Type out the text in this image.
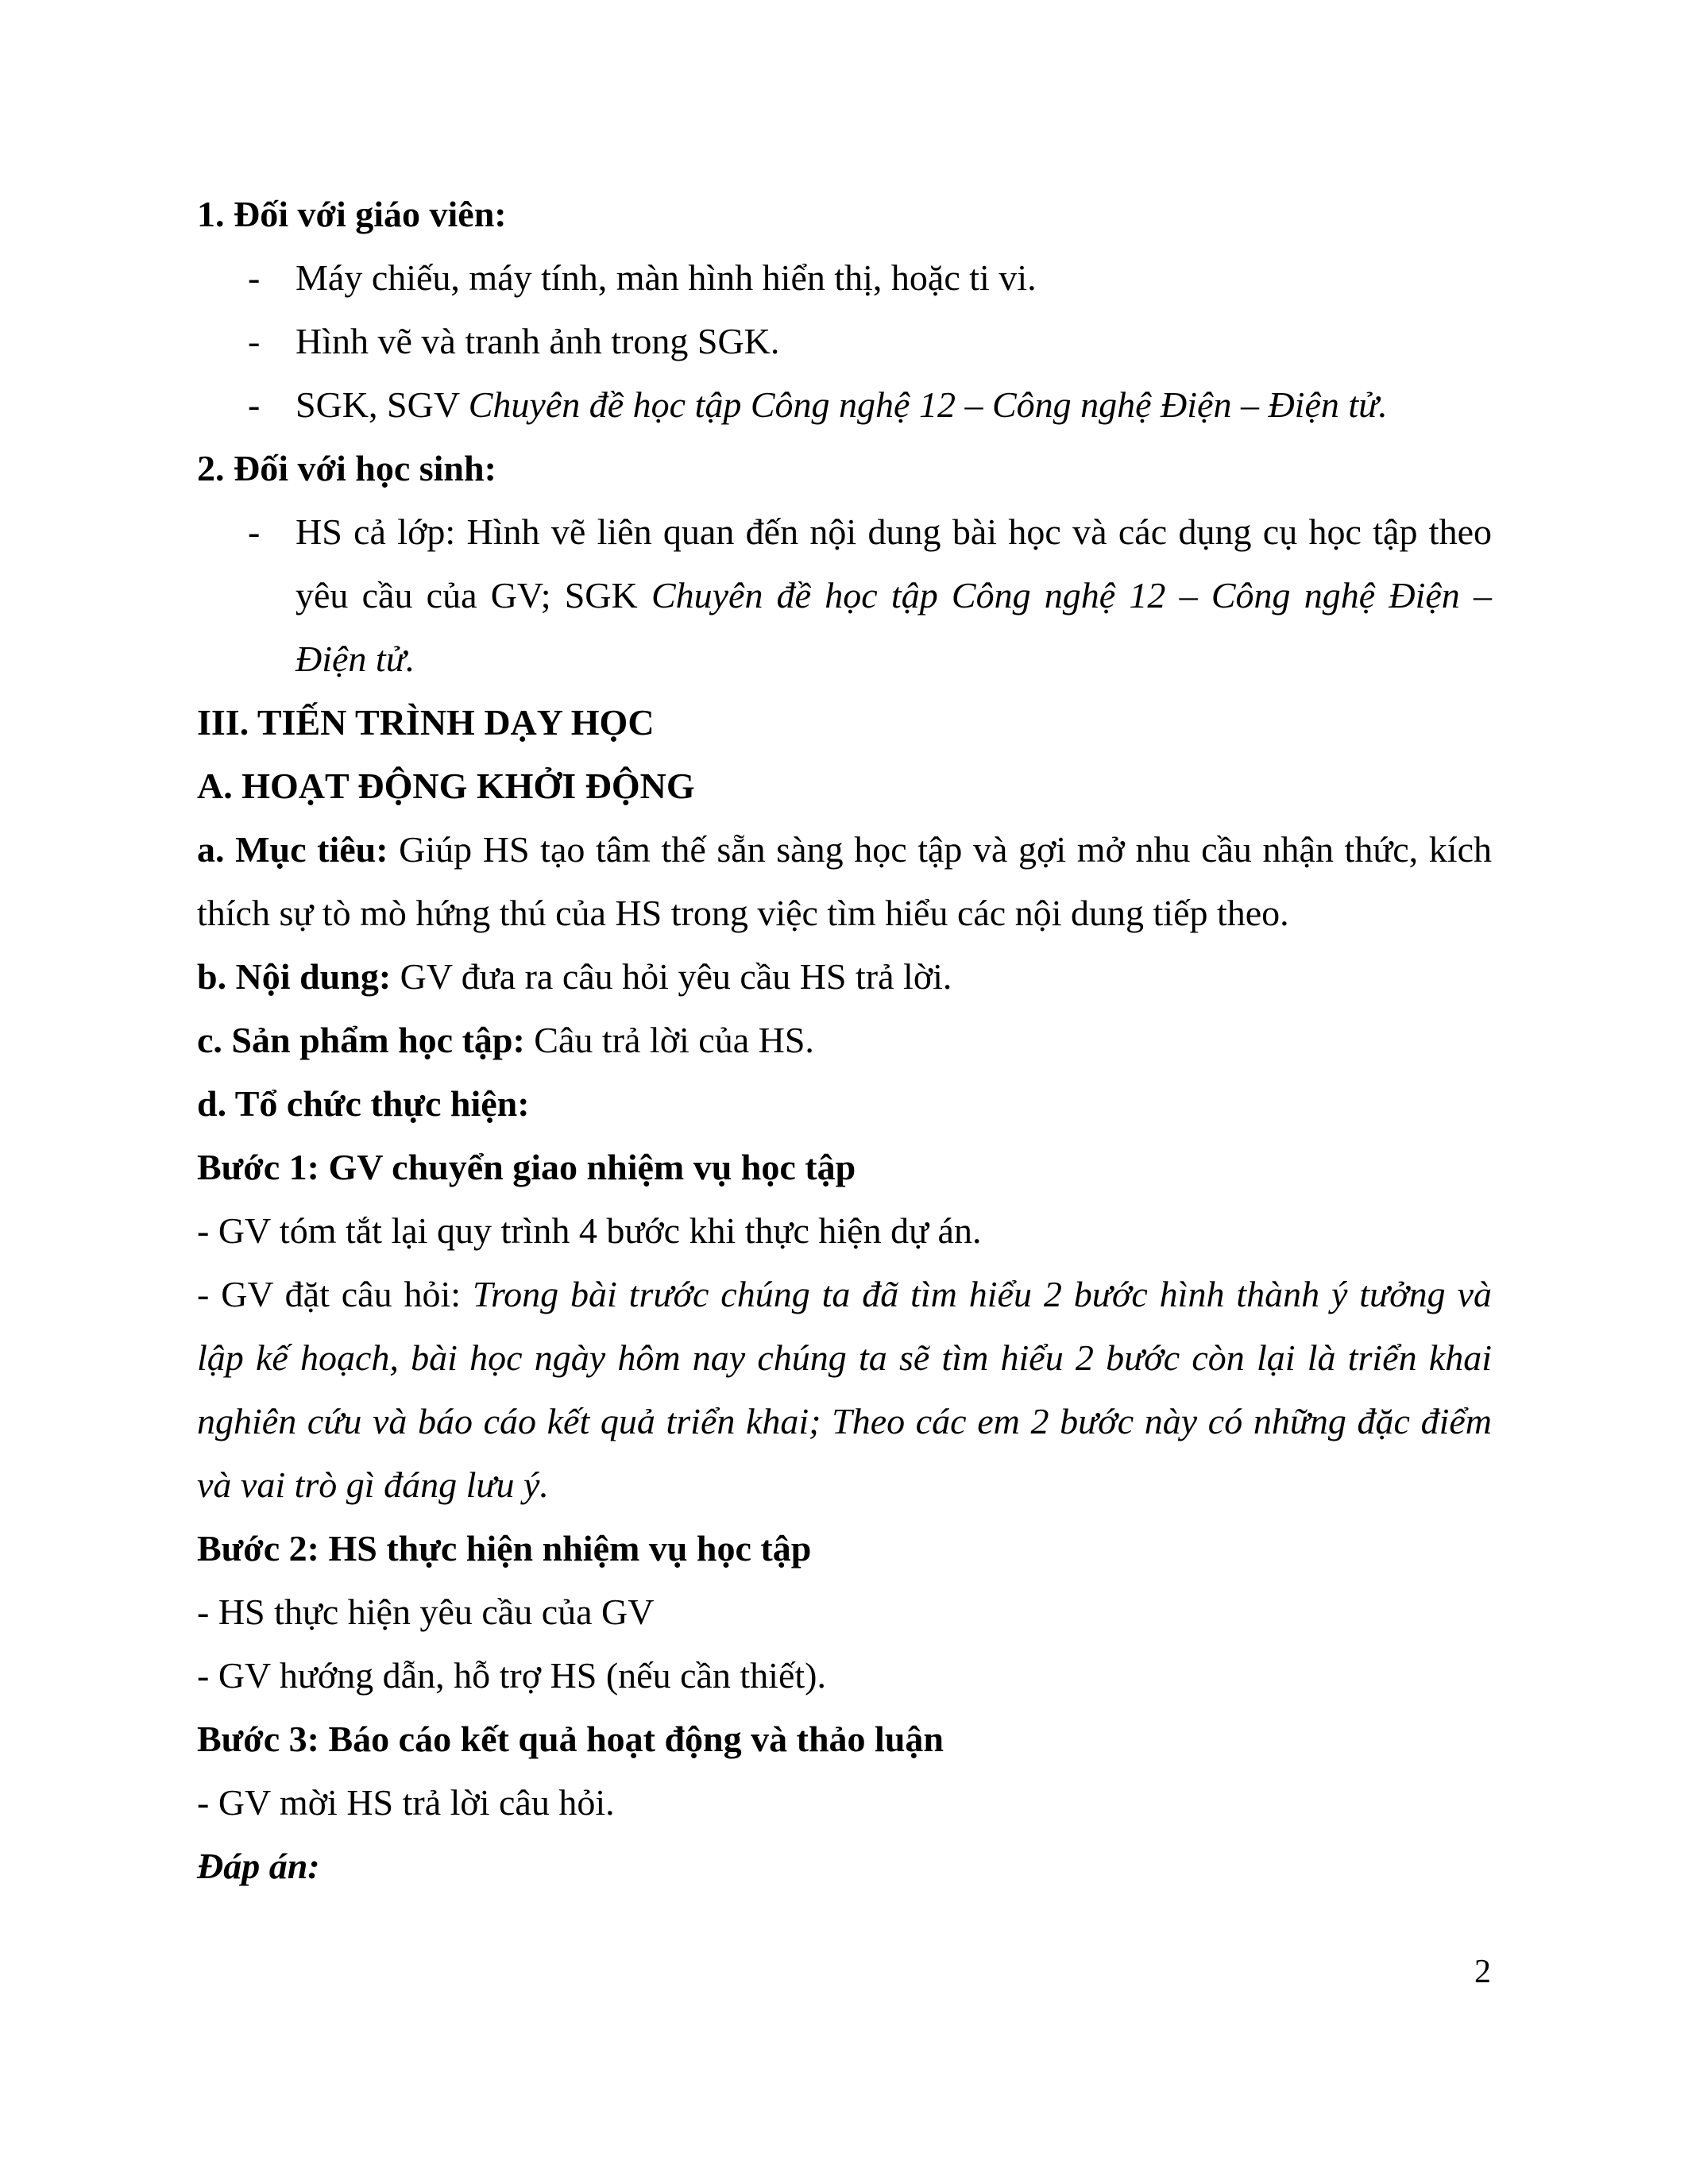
1. Đối với giáo viên:

- Máy chiếu, máy tính, màn hình hiển thị, hoặc ti vi.

- Hình vẽ và tranh ảnh trong SGK.

- SGK, SGV Chuyên đề học tập Công nghệ 12 – Công nghệ Điện – Điện tử.

2. Đối với học sinh:

- HS cả lớp: Hình vẽ liên quan đến nội dung bài học và các dụng cụ học tập theo yêu cầu của GV; SGK Chuyên đề học tập Công nghệ 12 – Công nghệ Điện – Điện tử.

III. TIẾN TRÌNH DẠY HỌC

A. HOẠT ĐỘNG KHỞI ĐỘNG

a. Mục tiêu: Giúp HS tạo tâm thế sẵn sàng học tập và gợi mở nhu cầu nhận thức, kích thích sự tò mò hứng thú của HS trong việc tìm hiểu các nội dung tiếp theo.

b. Nội dung: GV đưa ra câu hỏi yêu cầu HS trả lời.

c. Sản phẩm học tập: Câu trả lời của HS.

d. Tổ chức thực hiện:

Bước 1: GV chuyển giao nhiệm vụ học tập

- GV tóm tắt lại quy trình 4 bước khi thực hiện dự án.

- GV đặt câu hỏi: Trong bài trước chúng ta đã tìm hiểu 2 bước hình thành ý tưởng và lập kế hoạch, bài học ngày hôm nay chúng ta sẽ tìm hiểu 2 bước còn lại là triển khai nghiên cứu và báo cáo kết quả triển khai; Theo các em 2 bước này có những đặc điểm và vai trò gì đáng lưu ý.

Bước 2: HS thực hiện nhiệm vụ học tập

- HS thực hiện yêu cầu của GV

- GV hướng dẫn, hỗ trợ HS (nếu cần thiết).

Bước 3: Báo cáo kết quả hoạt động và thảo luận

- GV mời HS trả lời câu hỏi.

Đáp án:

2
